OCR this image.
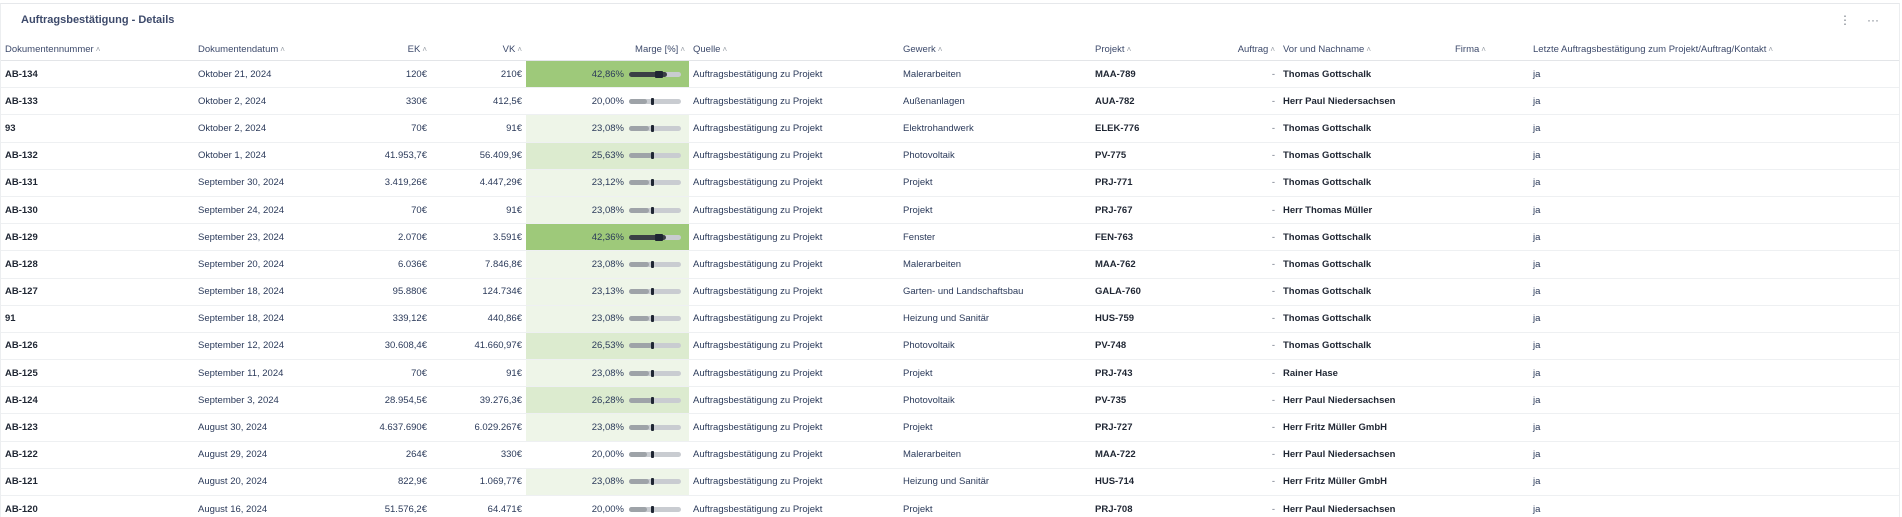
Auftragsbestätigung - Details	⋮ ···
Dokumentennummer ˄	Dokumentendatum ˄	EK ˄	VK ˄	Marge [%] ˄	Quelle ˄	Gewerk ˄	Projekt ˄	Auftrag ˄	Vor und Nachname ˄	Firma ˄	Letzte Auftragsbestätigung zum Projekt/Auftrag/Kontakt ˄
AB-134	Oktober 21, 2024	120€	210€	42,86%	Auftragsbestätigung zu Projekt	Malerarbeiten	MAA-789	-	Thomas Gottschalk		ja
AB-133	Oktober 2, 2024	330€	412,5€	20,00%	Auftragsbestätigung zu Projekt	Außenanlagen	AUA-782	-	Herr Paul Niedersachsen		ja
93	Oktober 2, 2024	70€	91€	23,08%	Auftragsbestätigung zu Projekt	Elektrohandwerk	ELEK-776	-	Thomas Gottschalk		ja
AB-132	Oktober 1, 2024	41.953,7€	56.409,9€	25,63%	Auftragsbestätigung zu Projekt	Photovoltaik	PV-775	-	Thomas Gottschalk		ja
AB-131	September 30, 2024	3.419,26€	4.447,29€	23,12%	Auftragsbestätigung zu Projekt	Projekt	PRJ-771	-	Thomas Gottschalk		ja
AB-130	September 24, 2024	70€	91€	23,08%	Auftragsbestätigung zu Projekt	Projekt	PRJ-767	-	Herr Thomas Müller		ja
AB-129	September 23, 2024	2.070€	3.591€	42,36%	Auftragsbestätigung zu Projekt	Fenster	FEN-763	-	Thomas Gottschalk		ja
AB-128	September 20, 2024	6.036€	7.846,8€	23,08%	Auftragsbestätigung zu Projekt	Malerarbeiten	MAA-762	-	Thomas Gottschalk		ja
AB-127	September 18, 2024	95.880€	124.734€	23,13%	Auftragsbestätigung zu Projekt	Garten- und Landschaftsbau	GALA-760	-	Thomas Gottschalk		ja
91	September 18, 2024	339,12€	440,86€	23,08%	Auftragsbestätigung zu Projekt	Heizung und Sanitär	HUS-759	-	Thomas Gottschalk		ja
AB-126	September 12, 2024	30.608,4€	41.660,97€	26,53%	Auftragsbestätigung zu Projekt	Photovoltaik	PV-748	-	Thomas Gottschalk		ja
AB-125	September 11, 2024	70€	91€	23,08%	Auftragsbestätigung zu Projekt	Projekt	PRJ-743	-	Rainer Hase		ja
AB-124	September 3, 2024	28.954,5€	39.276,3€	26,28%	Auftragsbestätigung zu Projekt	Photovoltaik	PV-735	-	Herr Paul Niedersachsen		ja
AB-123	August 30, 2024	4.637.690€	6.029.267€	23,08%	Auftragsbestätigung zu Projekt	Projekt	PRJ-727	-	Herr Fritz Müller GmbH		ja
AB-122	August 29, 2024	264€	330€	20,00%	Auftragsbestätigung zu Projekt	Malerarbeiten	MAA-722	-	Herr Paul Niedersachsen		ja
AB-121	August 20, 2024	822,9€	1.069,77€	23,08%	Auftragsbestätigung zu Projekt	Heizung und Sanitär	HUS-714	-	Herr Fritz Müller GmbH		ja
AB-120	August 16, 2024	51.576,2€	64.471€	20,00%	Auftragsbestätigung zu Projekt	Projekt	PRJ-708	-	Herr Paul Niedersachsen		ja
